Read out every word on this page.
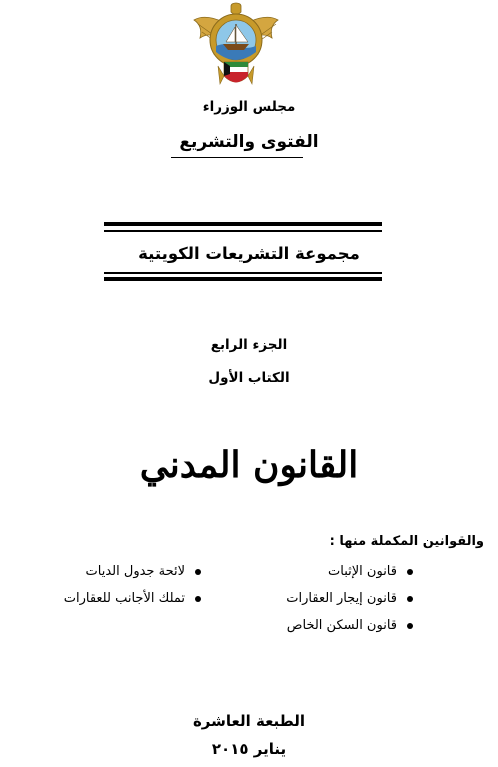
مجلس الوزراء
الفتوى والتشريع
مجموعة التشريعات الكويتية
الجزء الرابع
الكتاب الأول
القانون المدني
والقوانين المكملة منها :
قانون الإثبات
قانون إيجار العقارات
قانون السكن الخاص
لائحة جدول الديات
تملك الأجانب للعقارات
الطبعة العاشرة
يناير ٢٠١٥
